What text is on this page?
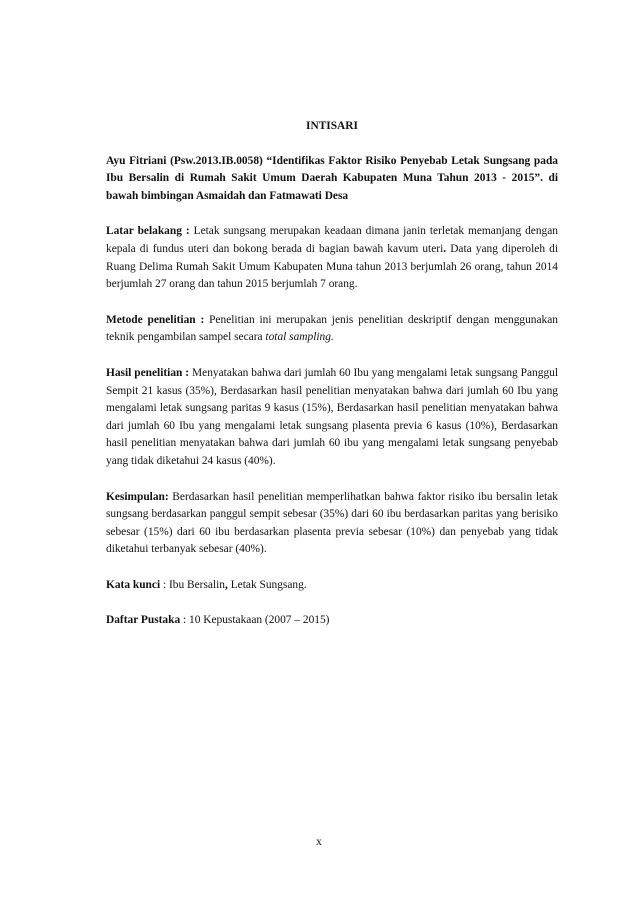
INTISARI

Ayu Fitriani (Psw.2013.IB.0058) “Identifikas Faktor Risiko Penyebab Letak Sungsang pada Ibu Bersalin di Rumah Sakit Umum Daerah Kabupaten Muna Tahun 2013 - 2015”. di bawah bimbingan Asmaidah dan Fatmawati Desa

Latar belakang : Letak sungsang merupakan keadaan dimana janin terletak memanjang dengan kepala di fundus uteri dan bokong berada di bagian bawah kavum uteri. Data yang diperoleh di Ruang Delima Rumah Sakit Umum Kabupaten Muna tahun 2013 berjumlah 26 orang, tahun 2014 berjumlah 27 orang dan tahun 2015 berjumlah 7 orang.

Metode penelitian : Penelitian ini merupakan jenis penelitian deskriptif dengan menggunakan teknik pengambilan sampel secara total sampling.

Hasil penelitian : Menyatakan bahwa dari jumlah 60 Ibu yang mengalami letak sungsang Panggul Sempit 21 kasus (35%), Berdasarkan hasil penelitian menyatakan bahwa dari jumlah 60 Ibu yang mengalami letak sungsang paritas 9 kasus (15%), Berdasarkan hasil penelitian menyatakan bahwa dari jumlah 60 Ibu yang mengalami letak sungsang plasenta previa 6 kasus (10%), Berdasarkan hasil penelitian menyatakan bahwa dari jumlah 60 ibu yang mengalami letak sungsang penyebab yang tidak diketahui 24 kasus (40%).

Kesimpulan: Berdasarkan hasil penelitian memperlihatkan bahwa faktor risiko ibu bersalin letak sungsang berdasarkan panggul sempit sebesar (35%) dari 60 ibu berdasarkan paritas yang berisiko sebesar (15%) dari 60 ibu berdasarkan plasenta previa sebesar (10%) dan penyebab yang tidak diketahui terbanyak sebesar (40%).

Kata kunci : Ibu Bersalin, Letak Sungsang.

Daftar Pustaka : 10 Kepustakaan (2007 – 2015)

x
